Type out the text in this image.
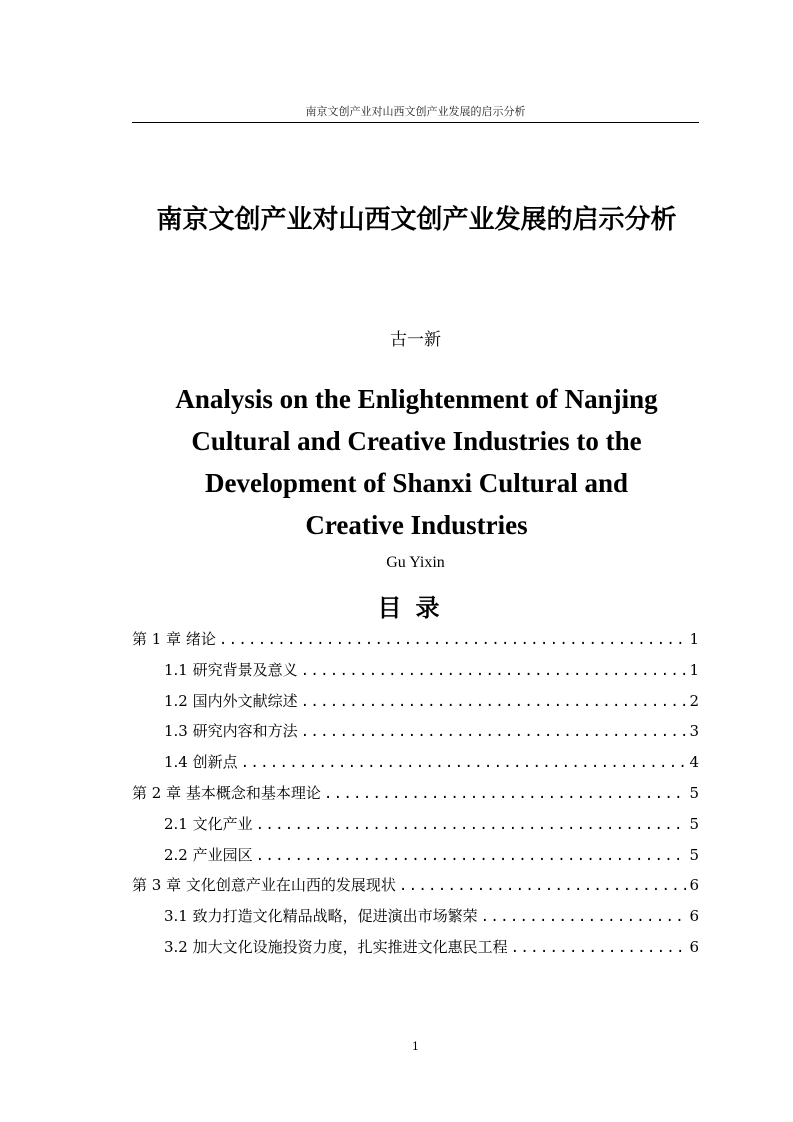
南京文创产业对山西文创产业发展的启示分析
南京文创产业对山西文创产业发展的启示分析
古一新
Analysis on the Enlightenment of Nanjing
Cultural and Creative Industries to the
Development of Shanxi Cultural and
Creative Industries
Gu Yixin
目录
第 1 章 绪论 .....	1
1.1 研究背景及意义 .....	1
1.2 国内外文献综述 .....	2
1.3 研究内容和方法 .....	3
1.4 创新点 .....	4
第 2 章 基本概念和基本理论 .....	5
2.1 文化产业 .....	5
2.2 产业园区 .....	5
第 3 章 文化创意产业在山西的发展现状 .....	6
3.1 致力打造文化精品战略，促进演出市场繁荣 .....	6
3.2 加大文化设施投资力度，扎实推进文化惠民工程 .....	6
1
